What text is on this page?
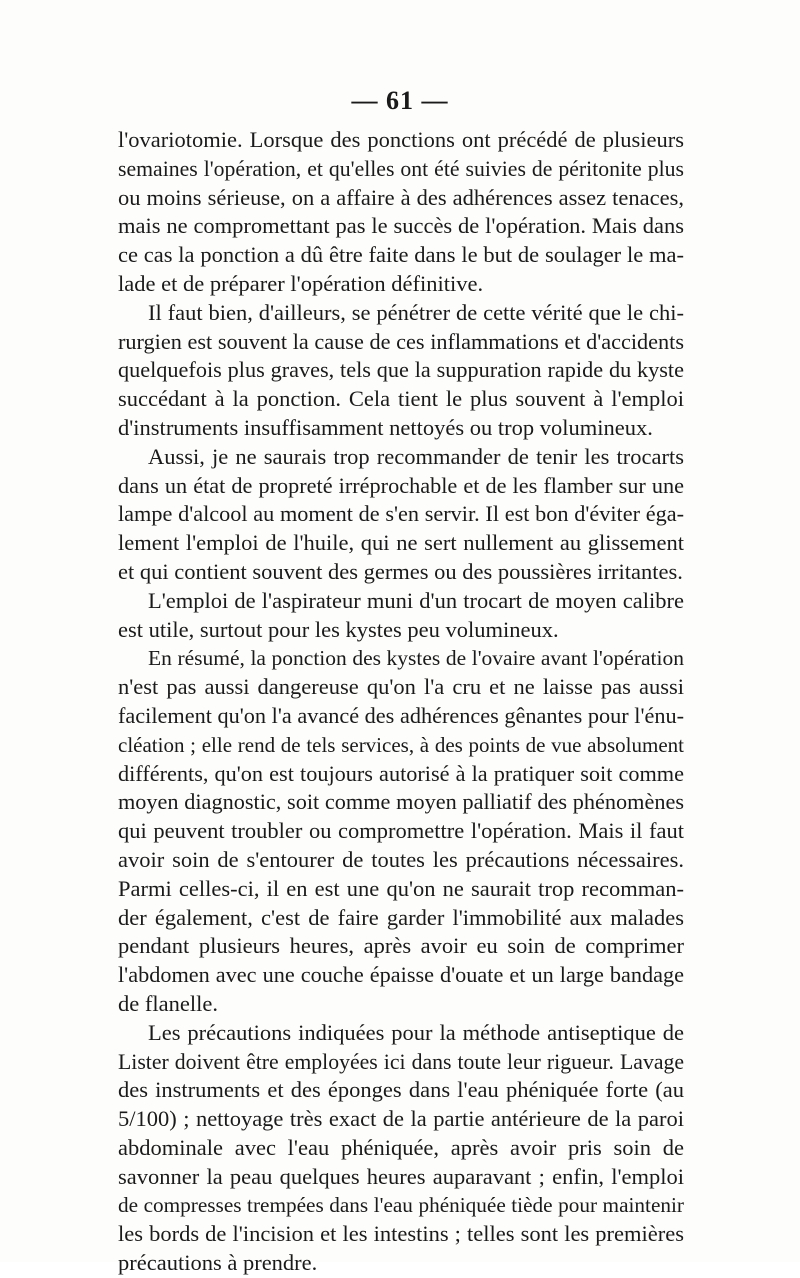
— 61 —
l'ovariotomie. Lorsque des ponctions ont précédé de plusieurs
semaines l'opération, et qu'elles ont été suivies de péritonite plus
ou moins sérieuse, on a affaire à des adhérences assez tenaces,
mais ne compromettant pas le succès de l'opération. Mais dans
ce cas la ponction a dû être faite dans le but de soulager le ma-
lade et de préparer l'opération définitive.
Il faut bien, d'ailleurs, se pénétrer de cette vérité que le chi-
rurgien est souvent la cause de ces inflammations et d'accidents
quelquefois plus graves, tels que la suppuration rapide du kyste
succédant à la ponction. Cela tient le plus souvent à l'emploi
d'instruments insuffisamment nettoyés ou trop volumineux.
Aussi, je ne saurais trop recommander de tenir les trocarts
dans un état de propreté irréprochable et de les flamber sur une
lampe d'alcool au moment de s'en servir. Il est bon d'éviter éga-
lement l'emploi de l'huile, qui ne sert nullement au glissement
et qui contient souvent des germes ou des poussières irritantes.
L'emploi de l'aspirateur muni d'un trocart de moyen calibre
est utile, surtout pour les kystes peu volumineux.
En résumé, la ponction des kystes de l'ovaire avant l'opération
n'est pas aussi dangereuse qu'on l'a cru et ne laisse pas aussi
facilement qu'on l'a avancé des adhérences gênantes pour l'énu-
cléation ; elle rend de tels services, à des points de vue absolument
différents, qu'on est toujours autorisé à la pratiquer soit comme
moyen diagnostic, soit comme moyen palliatif des phénomènes
qui peuvent troubler ou compromettre l'opération. Mais il faut
avoir soin de s'entourer de toutes les précautions nécessaires.
Parmi celles-ci, il en est une qu'on ne saurait trop recomman-
der également, c'est de faire garder l'immobilité aux malades
pendant plusieurs heures, après avoir eu soin de comprimer
l'abdomen avec une couche épaisse d'ouate et un large bandage
de flanelle.
Les précautions indiquées pour la méthode antiseptique de
Lister doivent être employées ici dans toute leur rigueur. Lavage
des instruments et des éponges dans l'eau phéniquée forte (au
5/100) ; nettoyage très exact de la partie antérieure de la paroi
abdominale avec l'eau phéniquée, après avoir pris soin de
savonner la peau quelques heures auparavant ; enfin, l'emploi
de compresses trempées dans l'eau phéniquée tiède pour maintenir
les bords de l'incision et les intestins ; telles sont les premières
précautions à prendre.
